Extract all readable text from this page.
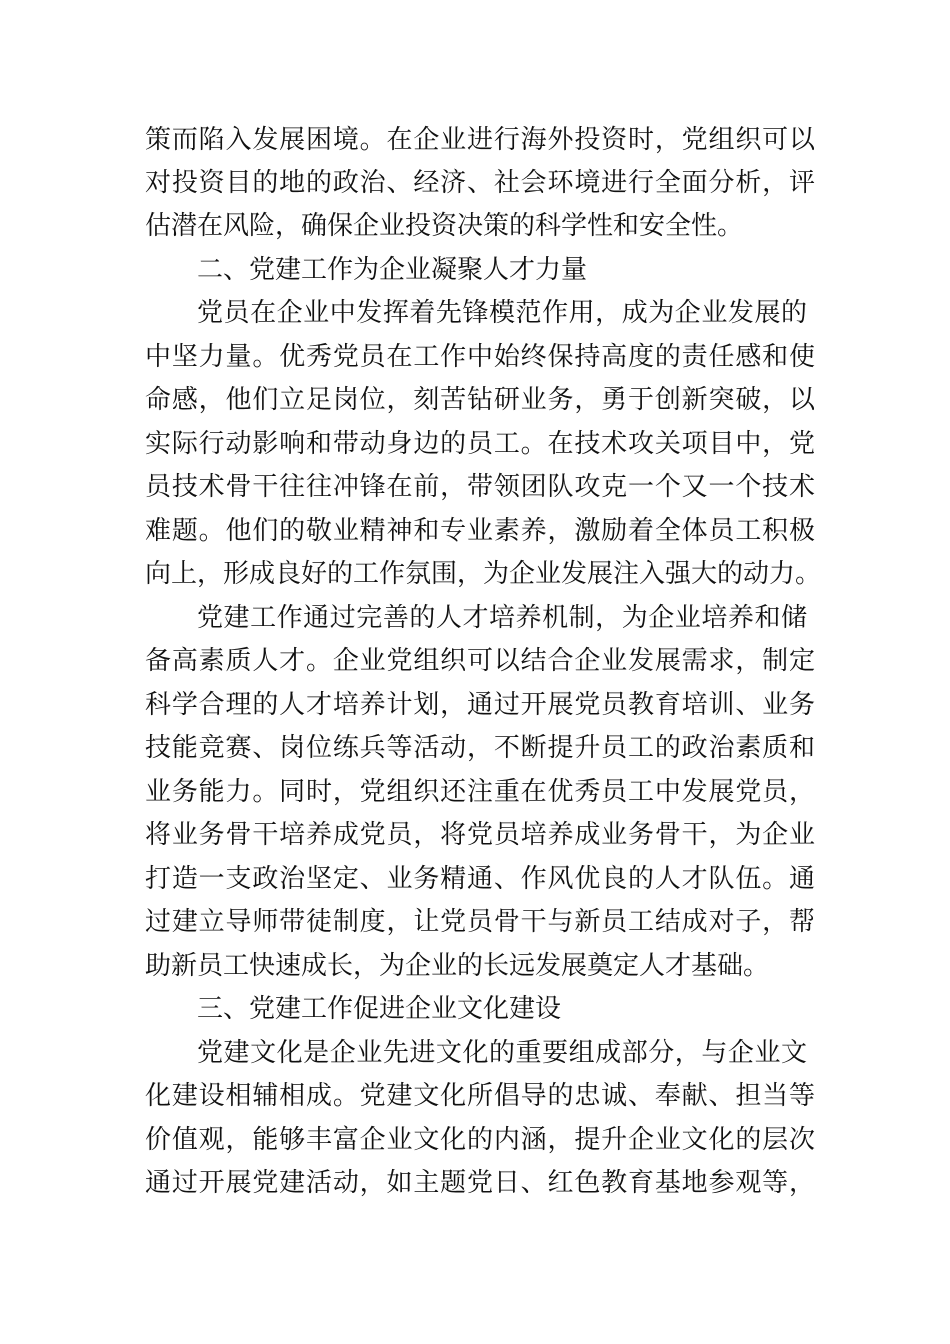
策而陷入发展困境。在企业进行海外投资时，党组织可以
对投资目的地的政治、经济、社会环境进行全面分析，评
估潜在风险，确保企业投资决策的科学性和安全性。
二、党建工作为企业凝聚人才力量
党员在企业中发挥着先锋模范作用，成为企业发展的
中坚力量。优秀党员在工作中始终保持高度的责任感和使
命感，他们立足岗位，刻苦钻研业务，勇于创新突破，以
实际行动影响和带动身边的员工。在技术攻关项目中，党
员技术骨干往往冲锋在前，带领团队攻克一个又一个技术
难题。他们的敬业精神和专业素养，激励着全体员工积极
向上，形成良好的工作氛围，为企业发展注入强大的动力。
党建工作通过完善的人才培养机制，为企业培养和储
备高素质人才。企业党组织可以结合企业发展需求，制定
科学合理的人才培养计划，通过开展党员教育培训、业务
技能竞赛、岗位练兵等活动，不断提升员工的政治素质和
业务能力。同时，党组织还注重在优秀员工中发展党员，
将业务骨干培养成党员，将党员培养成业务骨干，为企业
打造一支政治坚定、业务精通、作风优良的人才队伍。通
过建立导师带徒制度，让党员骨干与新员工结成对子，帮
助新员工快速成长，为企业的长远发展奠定人才基础。
三、党建工作促进企业文化建设
党建文化是企业先进文化的重要组成部分，与企业文
化建设相辅相成。党建文化所倡导的忠诚、奉献、担当等
价值观，能够丰富企业文化的内涵，提升企业文化的层次
通过开展党建活动，如主题党日、红色教育基地参观等，
